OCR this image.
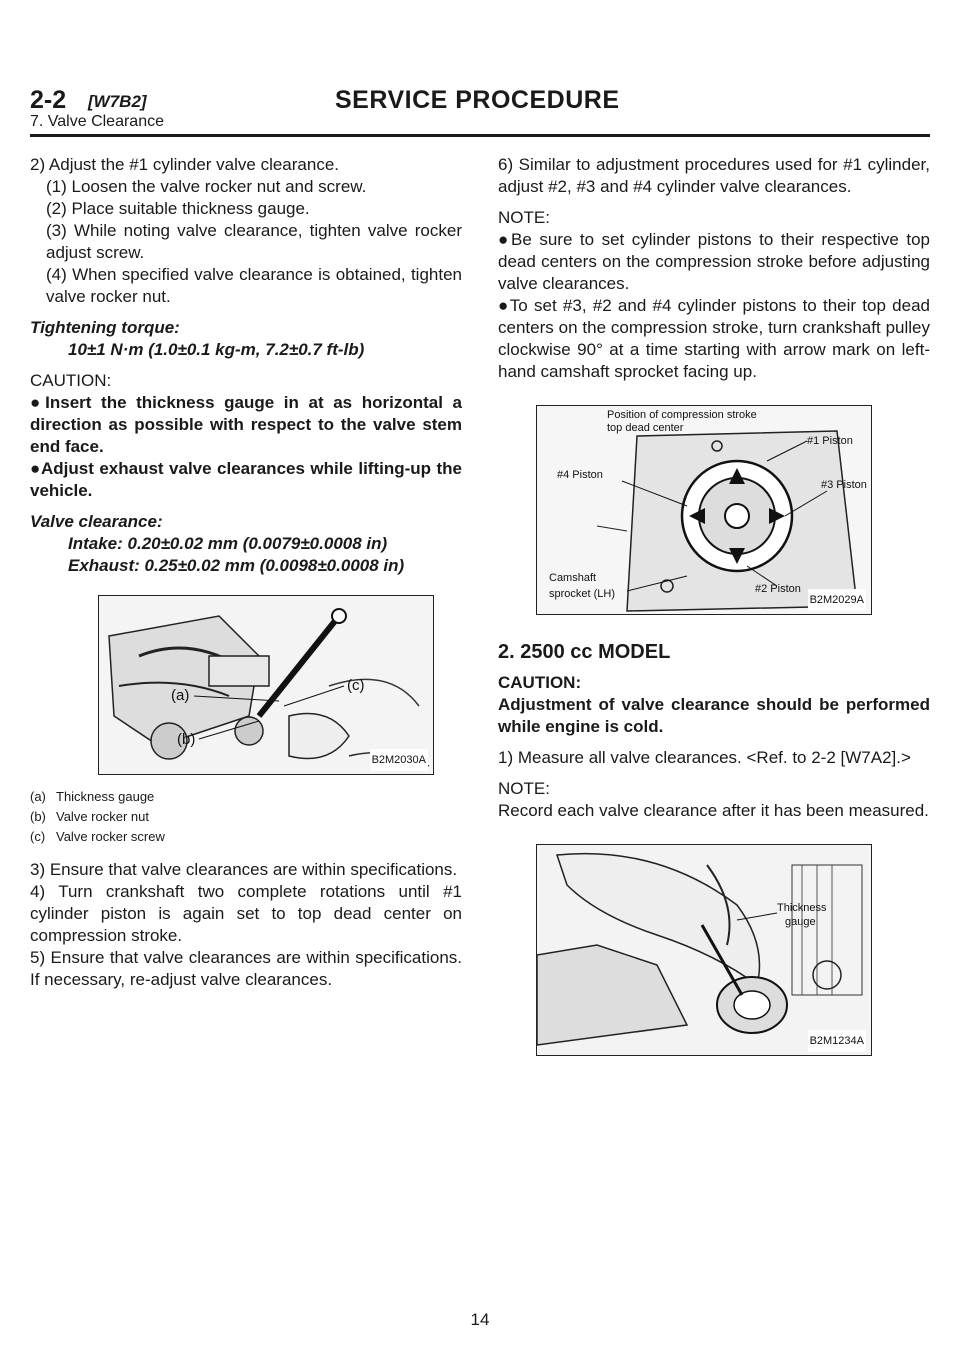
2-2 [W7B2]	SERVICE PROCEDURE
7. Valve Clearance

2) Adjust the #1 cylinder valve clearance.

(1) Loosen the valve rocker nut and screw.

(2) Place suitable thickness gauge.

(3) While noting valve clearance, tighten valve rocker adjust screw.

(4) When specified valve clearance is obtained, tighten valve rocker nut.

Tightening torque:

10±1 N·m (1.0±0.1 kg-m, 7.2±0.7 ft-lb)

CAUTION:

●Insert the thickness gauge in at as horizontal a direction as possible with respect to the valve stem end face.

●Adjust exhaust valve clearances while lifting-up the vehicle.

Valve clearance:

Intake: 0.20±0.02 mm (0.0079±0.0008 in)

Exhaust: 0.25±0.02 mm (0.0098±0.0008 in)

(a)
(b)
(c)
B2M2030A
(a) Thickness gauge
(b) Valve rocker nut
(c) Valve rocker screw

3) Ensure that valve clearances are within specifications.

4) Turn crankshaft two complete rotations until #1 cylinder piston is again set to top dead center on compression stroke.

5) Ensure that valve clearances are within specifications. If necessary, re-adjust valve clearances.

6) Similar to adjustment procedures used for #1 cylinder, adjust #2, #3 and #4 cylinder valve clearances.

NOTE:

●Be sure to set cylinder pistons to their respective top dead centers on the compression stroke before adjusting valve clearances.

●To set #3, #2 and #4 cylinder pistons to their top dead centers on the compression stroke, turn crankshaft pulley clockwise 90° at a time starting with arrow mark on left-hand camshaft sprocket facing up.

Position of compression stroke
top dead center
#1 Piston
#4 Piston
#3 Piston
Camshaft
sprocket (LH)	#2 Piston
B2M2029A

2. 2500 cc MODEL

CAUTION:

Adjustment of valve clearance should be performed while engine is cold.

1) Measure all valve clearances. <Ref. to 2-2 [W7A2].>

NOTE:

Record each valve clearance after it has been measured.

Thickness
gauge
B2M1234A
14
